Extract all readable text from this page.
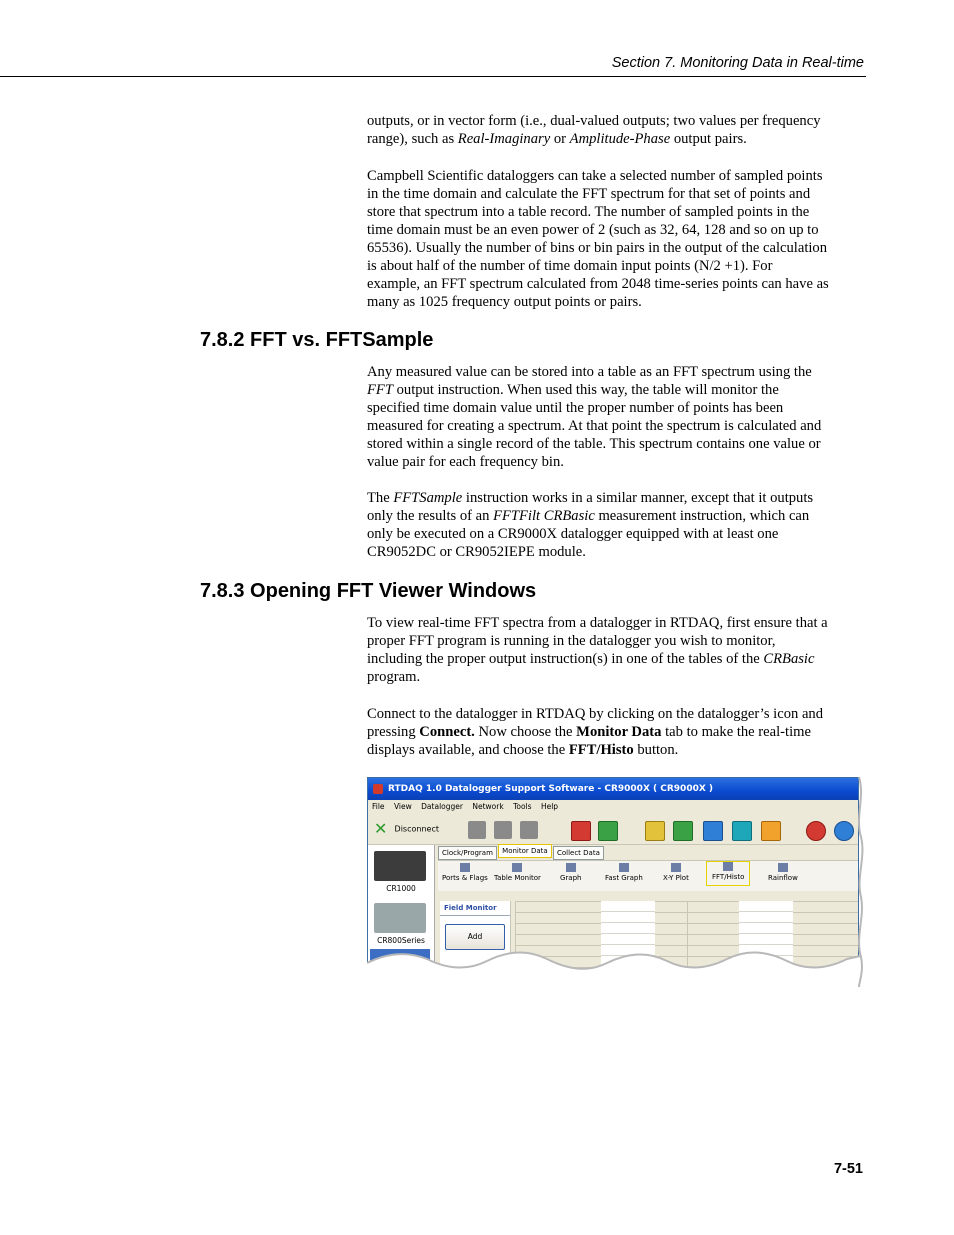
Section 7. Monitoring Data in Real-time

outputs, or in vector form (i.e., dual-valued outputs; two values per frequency
range), such as Real-Imaginary or Amplitude-Phase output pairs.

Campbell Scientific dataloggers can take a selected number of sampled points
in the time domain and calculate the FFT spectrum for that set of points and
store that spectrum into a table record. The number of sampled points in the
time domain must be an even power of 2 (such as 32, 64, 128 and so on up to
65536). Usually the number of bins or bin pairs in the output of the calculation
is about half of the number of time domain input points (N/2 +1). For
example, an FFT spectrum calculated from 2048 time-series points can have as
many as 1025 frequency output points or pairs.

7.8.2 FFT vs. FFTSample

Any measured value can be stored into a table as an FFT spectrum using the
FFT output instruction. When used this way, the table will monitor the
specified time domain value until the proper number of points has been
measured for creating a spectrum. At that point the spectrum is calculated and
stored within a single record of the table. This spectrum contains one value or
value pair for each frequency bin.

The FFTSample instruction works in a similar manner, except that it outputs
only the results of an FFTFilt CRBasic measurement instruction, which can
only be executed on a CR9000X datalogger equipped with at least one
CR9052DC or CR9052IEPE module.

7.8.3 Opening FFT Viewer Windows

To view real-time FFT spectra from a datalogger in RTDAQ, first ensure that a
proper FFT program is running in the datalogger you wish to monitor,
including the proper output instruction(s) in one of the tables of the CRBasic
program.

Connect to the datalogger in RTDAQ by clicking on the datalogger’s icon and
pressing Connect. Now choose the Monitor Data tab to make the real-time
displays available, and choose the FFT/Histo button.

RTDAQ 1.0 Datalogger Support Software - CR9000X ( CR9000X )
File View Datalogger Network Tools Help
✕ Disconnect
CR1000
CR800Series
Clock/Program Monitor Data Collect Data
Ports & Flags Table Monitor	Graph	Fast Graph	X-Y Plot	FFT/Histo	Rainflow
Field Monitor
Add
7-51
